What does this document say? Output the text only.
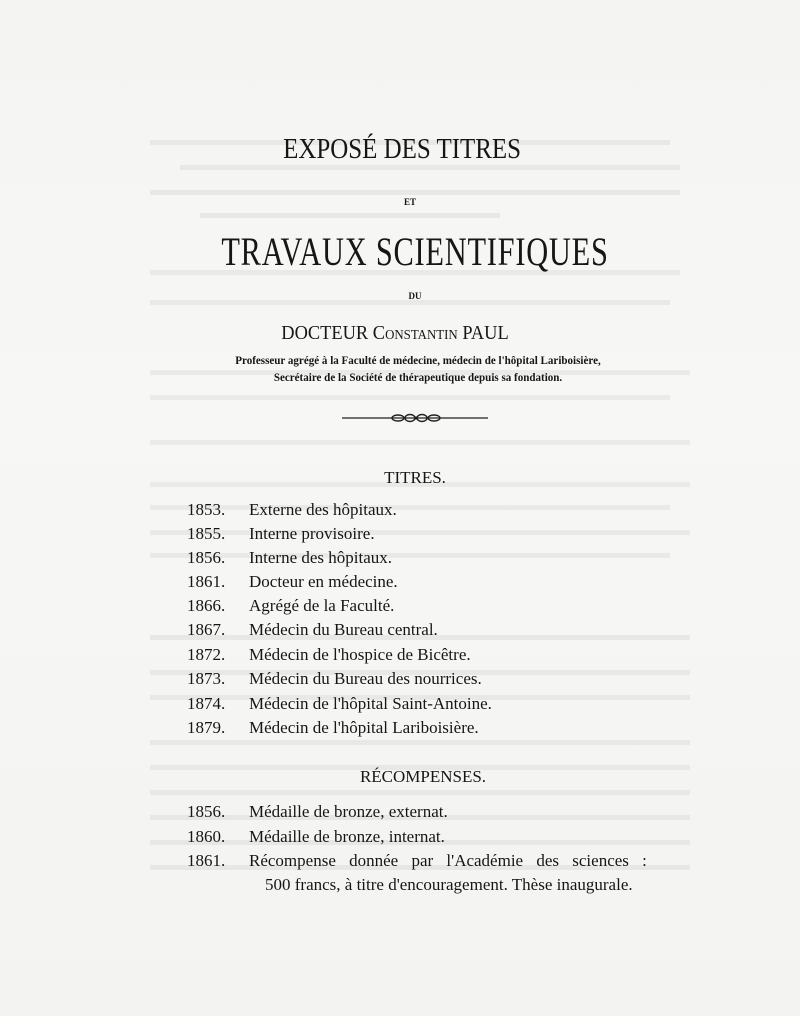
EXPOSÉ DES TITRES
ET
TRAVAUX SCIENTIFIQUES
DU
DOCTEUR Constantin PAUL
Professeur agrégé à la Faculté de médecine, médecin de l'hôpital Lariboisière,
Secrétaire de la Société de thérapeutique depuis sa fondation.
TITRES.
1853. Externe des hôpitaux.
1855. Interne provisoire.
1856. Interne des hôpitaux.
1861. Docteur en médecine.
1866. Agrégé de la Faculté.
1867. Médecin du Bureau central.
1872. Médecin de l'hospice de Bicêtre.
1873. Médecin du Bureau des nourrices.
1874. Médecin de l'hôpital Saint-Antoine.
1879. Médecin de l'hôpital Lariboisière.
RÉCOMPENSES.
1856. Médaille de bronze, externat.
1860. Médaille de bronze, internat.
1861. Récompense donnée par l'Académie des sciences :
500 francs, à titre d'encouragement. Thèse inaugurale.
